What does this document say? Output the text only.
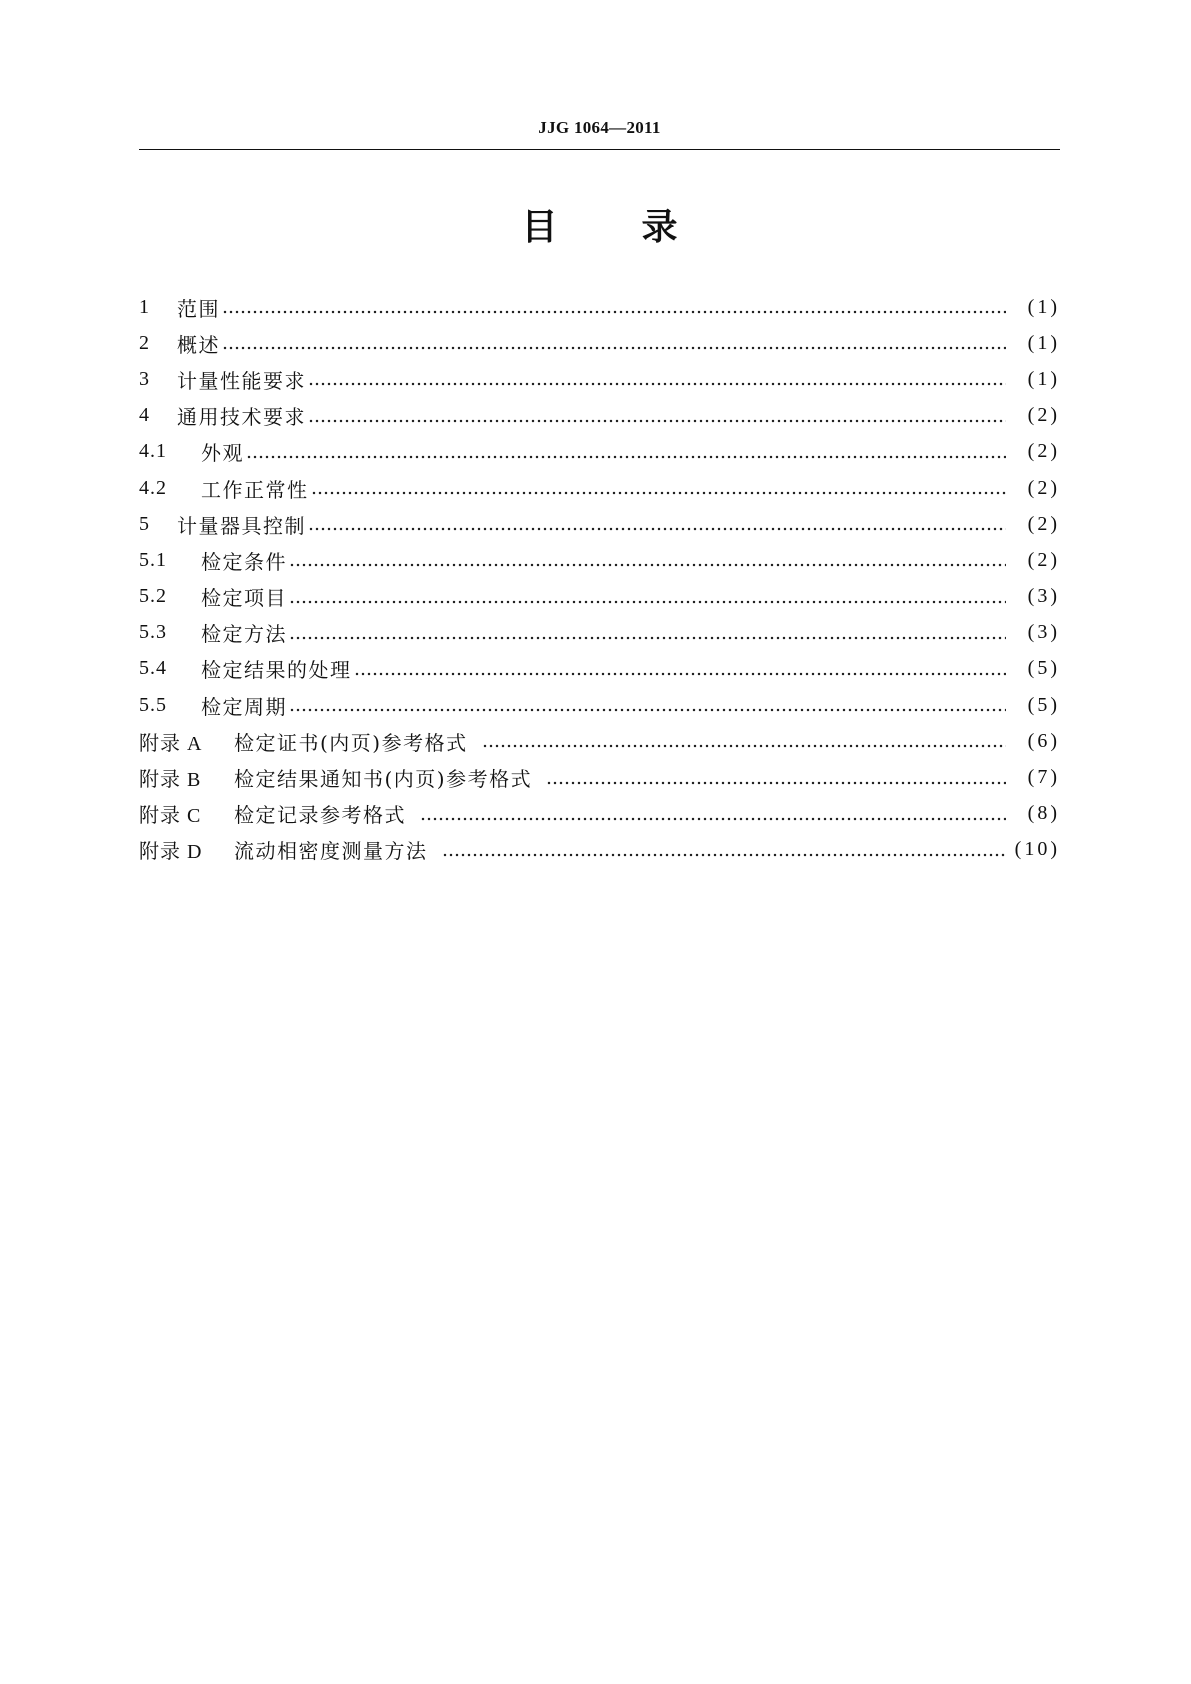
JJG 1064—2011
目 录
1	范围	(1)
2	概述	(1)
3	计量性能要求	(1)
4	通用技术要求	(2)
4.1	外观	(2)
4.2	工作正常性	(2)
5	计量器具控制	(2)
5.1	检定条件	(2)
5.2	检定项目	(3)
5.3	检定方法	(3)
5.4	检定结果的处理	(5)
5.5	检定周期	(5)
附录 A	检定证书(内页)参考格式	(6)
附录 B	检定结果通知书(内页)参考格式	(7)
附录 C	检定记录参考格式	(8)
附录 D	流动相密度测量方法	(10)
